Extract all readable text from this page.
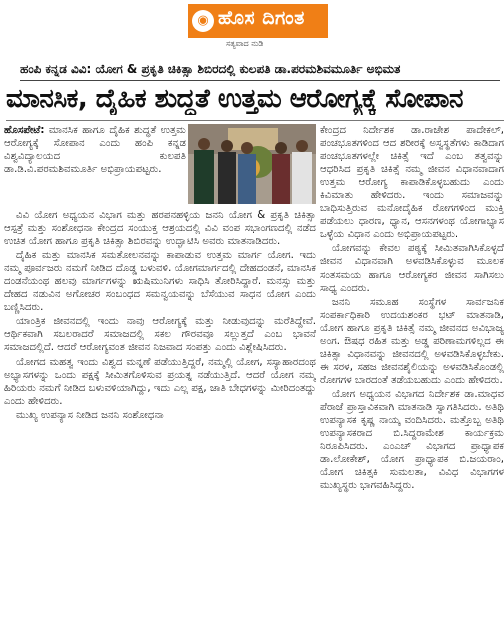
◉ ಹೊಸ ದಿಗಂತ
ಸತ್ಯವಾದ ನುಡಿ
ಹಂಪಿ ಕನ್ನಡ ವಿವಿ: ಯೋಗ & ಪ್ರಕೃತಿ ಚಿಕಿತ್ಸಾ ಶಿಬಿರದಲ್ಲಿ ಕುಲಪತಿ ಡಾ.ಪರಮಶಿವಮೂರ್ತಿ ಅಭಿಮತ
ಮಾನಸಿಕ, ದೈಹಿಕ ಶುದ್ಧತೆ ಉತ್ತಮ ಆರೋಗ್ಯಕ್ಕೆ ಸೋಪಾನ

ಹೊಸಪೇಟೆ: ಮಾನಸಿಕ ಹಾಗೂ ದೈಹಿಕ ಶುದ್ಧತೆ ಉತ್ತಮ ಆರೋಗ್ಯಕ್ಕೆ ಸೋಪಾನ ಎಂದು ಹಂಪಿ ಕನ್ನಡ ವಿಶ್ವವಿದ್ಯಾಲಯದ ಕುಲಪತಿ ಡಾ.ಡಿ.ವಿ.ಪರಮಶಿವಮೂರ್ತಿ ಅಭಿಪ್ರಾಯಪಟ್ಟರು.

ವಿವಿ ಯೋಗ ಅಧ್ಯಯನ ವಿಭಾಗ ಮತ್ತು ಹರಪನಹಳ್ಳಿಯ ಜನನಿ ಯೋಗ & ಪ್ರಕೃತಿ ಚಿಕಿತ್ಸಾ ಆಸ್ಪತ್ರೆ ಮತ್ತು ಸಂಶೋಧನಾ ಕೇಂದ್ರದ ಸಂಯುಕ್ತ ಆಶ್ರಯದಲ್ಲಿ ವಿವಿ ವಂಪ ಸಭಾಂಗಣದಲ್ಲಿ ನಡೆದ ಉಚಿತ ಯೋಗ ಹಾಗೂ ಪ್ರಕೃತಿ ಚಿಕಿತ್ಸಾ ಶಿಬಿರವನ್ನು ಉದ್ಘಾಟಿಸಿ ಅವರು ಮಾತನಾಡಿದರು.

ದೈಹಿಕ ಮತ್ತು ಮಾನಸಿಕ ಸಮತೋಲನವನ್ನು ಕಾಪಾಡುವ ಉತ್ತಮ ಮಾರ್ಗ ಯೋಗ. ಇದು ನಮ್ಮ ಪೂರ್ವಜರು ನಮಗೆ ನೀಡಿದ ದೊಡ್ಡ ಬಳುವಳಿ. ಯೋಗಮಾರ್ಗದಲ್ಲಿ ದೇಹದಂಡನೆ, ಮಾನಸಿಕ ದಂಡನೆಯಂಥ ಹಲವು ಮಾರ್ಗಗಳನ್ನು ಋಷಿಮುನಿಗಳು ಸಾಧಿಸಿ ತೋರಿಸಿದ್ದಾರೆ. ಮನಸ್ಸು ಮತ್ತು ದೇಹದ ನಡುವಿನ ಅಗೋಚರ ಸಂಬಂಧದ ಸಮನ್ವಯವನ್ನು ಬೆಸೆಯುವ ಸಾಧನ ಯೋಗ ಎಂದು ಬಣ್ಣಿಸಿದರು.

ಯಾಂತ್ರಿಕ ಜೀವನದಲ್ಲಿ ಇಂದು ನಾವು ಆರೋಗ್ಯಕ್ಕೆ ಮತ್ತು ನೀಡುವುದನ್ನು ಮರೆತಿದ್ದೇವೆ. ಆರ್ಥಿಕವಾಗಿ ಸಬಲರಾದರೆ ಸಮಾಜದಲ್ಲಿ ಸಕಲ ಗೌರವವೂ ಸಲ್ಲುತ್ತದೆ ಎಂಬ ಭಾವನೆ ಸಮಾಜದಲ್ಲಿದೆ. ಆದರೆ ಆರೋಗ್ಯವಂತ ಜೀವನ ನಿಜವಾದ ಸಂಪತ್ತು ಎಂದು ವಿಶ್ಲೇಷಿಸಿದರು.

ಯೋಗದ ಮಹತ್ವ ಇಂದು ವಿಶ್ವದ ಮನ್ನಣೆ ಪಡೆಯುತ್ತಿದ್ದರೆ, ನಮ್ಮಲ್ಲಿ ಯೋಗ, ಸಸ್ಯಾಹಾರದಂಥ ಅಭ್ಯಾಸಗಳನ್ನು ಒಂದು ಪಕ್ಷಕ್ಕೆ ಸೀಮಿತಗೊಳಿಸುವ ಪ್ರಯತ್ನ ನಡೆಯುತ್ತಿದೆ. ಆದರೆ ಯೋಗ ನಮ್ಮ ಹಿರಿಯರು ನಮಗೆ ನೀಡಿದ ಬಳುವಳಿಯಾಗಿದ್ದು, ಇದು ಎಲ್ಲ ಪಕ್ಷ, ಜಾತಿ ಬೇಧಗಳನ್ನು ಮೀರಿದಂತದ್ದು ಎಂದು ಹೇಳಿದರು.

ಮುಖ್ಯ ಉಪನ್ಯಾಸ ನೀಡಿದ ಜನನಿ ಸಂಶೋಧನಾ

ಕೇಂದ್ರದ ನಿರ್ದೇಶಕ ಡಾ.ರಾಜೇಶ ಪಾದೇಕಲ್, ಪಂಚಭೂತಗಳಿಂದ ಆದ ಶರೀರಕ್ಕೆ ಅಸ್ವಸ್ಥತೆಗಳು ಕಾಡಿದಾಗ ಪಂಚಭೂತಗಳಲ್ಲೇ ಚಿಕಿತ್ಸೆ ಇದೆ ಎಂಬ ತತ್ವವನ್ನು ಆಧರಿಸಿದ ಪ್ರಕೃತಿ ಚಿಕಿತ್ಸೆ ನಮ್ಮ ಜೀವನ ವಿಧಾನವಾದಾಗ ಉತ್ತಮ ಆರೋಗ್ಯ ಕಾಪಾಡಿಕೊಳ್ಳಬಹುದು ಎಂದು ಕಿವಿಮಾತು ಹೇಳಿದರು. ಇಂದು ಸಮಾಜವನ್ನು ಬಾಧಿಸುತ್ತಿರುವ ಮನೋದೈಹಿಕ ರೋಗಗಳಿಂದ ಮುಕ್ತಿ ಪಡೆಯಲು ಧಾರಣ, ಧ್ಯಾನ, ಆಸನಗಳಂಥ ಯೋಗಾಭ್ಯಾಸ ಒಳ್ಳೆಯ ವಿಧಾನ ಎಂದು ಅಭಿಪ್ರಾಯಪಟ್ಟರು.

ಯೋಗವನ್ನು ಕೇವಲ ಪಠ್ಯಕ್ಕೆ ಸೀಮಿತವಾಗಿಸಿಕೊಳ್ಳದೆ ಜೀವನ ವಿಧಾನವಾಗಿ ಅಳವಡಿಸಿಕೊಳ್ಳುವ ಮೂಲಕ ಸಂತಸಮಯ ಹಾಗೂ ಆರೋಗ್ಯಕರ ಜೀವನ ಸಾಗಿಸಲು ಸಾಧ್ಯ ಎಂದರು.

ಜನನಿ ಸಮೂಹ ಸಂಸ್ಥೆಗಳ ಸಾರ್ವಜನಿಕ ಸಂಪರ್ಕಾಧಿಕಾರಿ ಉದಯಶಂಕರ ಭಟ್ ಮಾತನಾಡಿ, ಯೋಗ ಹಾಗೂ ಪ್ರಕೃತಿ ಚಿಕಿತ್ಸೆ ನಮ್ಮ ಜೀವನದ ಅವಿಭಾಜ್ಯ ಅಂಗ. ಔಷಧ ರಹಿತ ಮತ್ತು ಅಡ್ಡ ಪರಿಣಾಮಗಳಿಲ್ಲದ ಈ ಚಿಕಿತ್ಸಾ ವಿಧಾನವನ್ನು ಜೀವನದಲ್ಲಿ ಅಳವಡಿಸಿಕೊಳ್ಳಬೇಕು. ಈ ಸರಳ, ಸಹಜ ಜೀವನಶೈಲಿಯನ್ನು ಅಳವಡಿಸಿಕೊಂಡಲ್ಲಿ ರೋಗಗಳ ಬಾರದಂತೆ ತಡೆಯಬಹುದು ಎಂದು ಹೇಳಿದರು.

ಯೋಗ ಅಧ್ಯಯನ ವಿಭಾಗದ ನಿರ್ದೇಶಕ ಡಾ.ಮಾಧವ ಪೆರಾಜೆ ಪ್ರಾಸ್ತಾವಿಕವಾಗಿ ಮಾತನಾಡಿ ಸ್ವಾಗತಿಸಿದರು. ಅತಿಥಿ ಉಪನ್ಯಾಸಕ ಕೃಷ್ಣ ನಾಯ್ಕ ವಂದಿಸಿದರು. ಮತ್ತೊಬ್ಬ ಅತಿಥಿ ಉಪನ್ಯಾಸಕರಾದ ಬಿ.ಸಿದ್ದರಾಮೇಶ ಕಾರ್ಯಕ್ರಮ ನಿರೂಪಿಸಿದರು. ಎಂಎಚ್ ವಿಭಾಗದ ಪ್ರಾಧ್ಯಾಪಕ ಡಾ.ಲೋಕೇಶ್, ಯೋಗ ಪ್ರಾಧ್ಯಾಪಕ ಬಿ.ಜಯರಾಂ, ಯೋಗ ಚಿಕಿತ್ಸಕಿ ಸುಮಲತಾ, ವಿವಿಧ ವಿಭಾಗಗಳ ಮುಖ್ಯಸ್ಥರು ಭಾಗವಹಿಸಿದ್ದರು.
